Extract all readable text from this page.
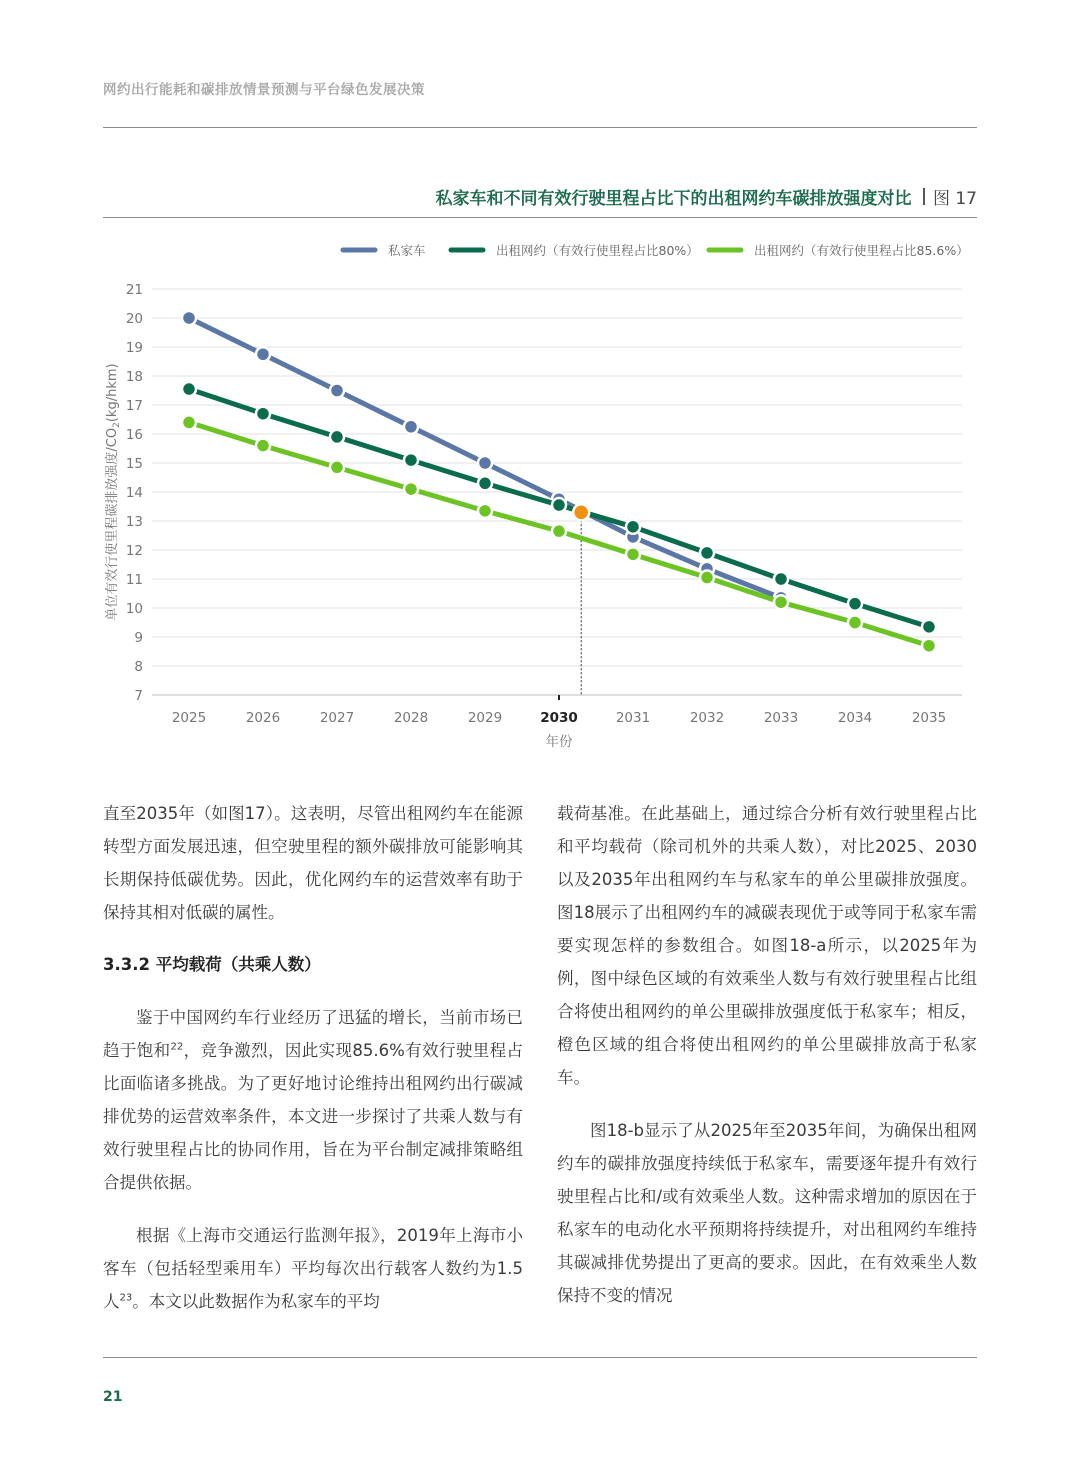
网约出行能耗和碳排放情景预测与平台绿色发展决策
私家车和不同有效行驶里程占比下的出租网约车碳排放强度对比 图 17
7
8
9
10
11
12
13
14
15
16
17
18
19
20
21
2025	2026	2027	2028	2029	2030	2031	2032	2033	2034	2035
年份
单位有效行使里程碳排放强度$/CO_2(kg/hkm)$
私家车	出租网约（有效行使里程占比80%）	出租网约（有效行使里程占比85.6%）

直至2035年（如图17）。这表明，尽管出租网约车在能源转型方面发展迅速，但空驶里程的额外碳排放可能影响其长期保持低碳优势。因此，优化网约车的运营效率有助于保持其相对低碳的属性。

3.3.2 平均载荷（共乘人数）

鉴于中国网约车行业经历了迅猛的增长，当前市场已趋于饱和$^{22}$，竞争激烈，因此实现85.6%有效行驶里程占比面临诸多挑战。为了更好地讨论维持出租网约出行碳减排优势的运营效率条件，本文进一步探讨了共乘人数与有效行驶里程占比的协同作用，旨在为平台制定减排策略组合提供依据。

根据《上海市交通运行监测年报》，2019年上海市小客车（包括轻型乘用车）平均每次出行载客人数约为1.5人$^{23}$。本文以此数据作为私家车的平均

载荷基准。在此基础上，通过综合分析有效行驶里程占比和平均载荷（除司机外的共乘人数），对比2025、2030以及2035年出租网约车与私家车的单公里碳排放强度。图18展示了出租网约车的减碳表现优于或等同于私家车需要实现怎样的参数组合。如图18-a所示，以2025年为例，图中绿色区域的有效乘坐人数与有效行驶里程占比组合将使出租网约的单公里碳排放强度低于私家车；相反，橙色区域的组合将使出租网约的单公里碳排放高于私家车。

图18-b显示了从2025年至2035年间，为确保出租网约车的碳排放强度持续低于私家车，需要逐年提升有效行驶里程占比和/或有效乘坐人数。这种需求增加的原因在于私家车的电动化水平预期将持续提升，对出租网约车维持其碳减排优势提出了更高的要求。因此，在有效乘坐人数保持不变的情况

21
